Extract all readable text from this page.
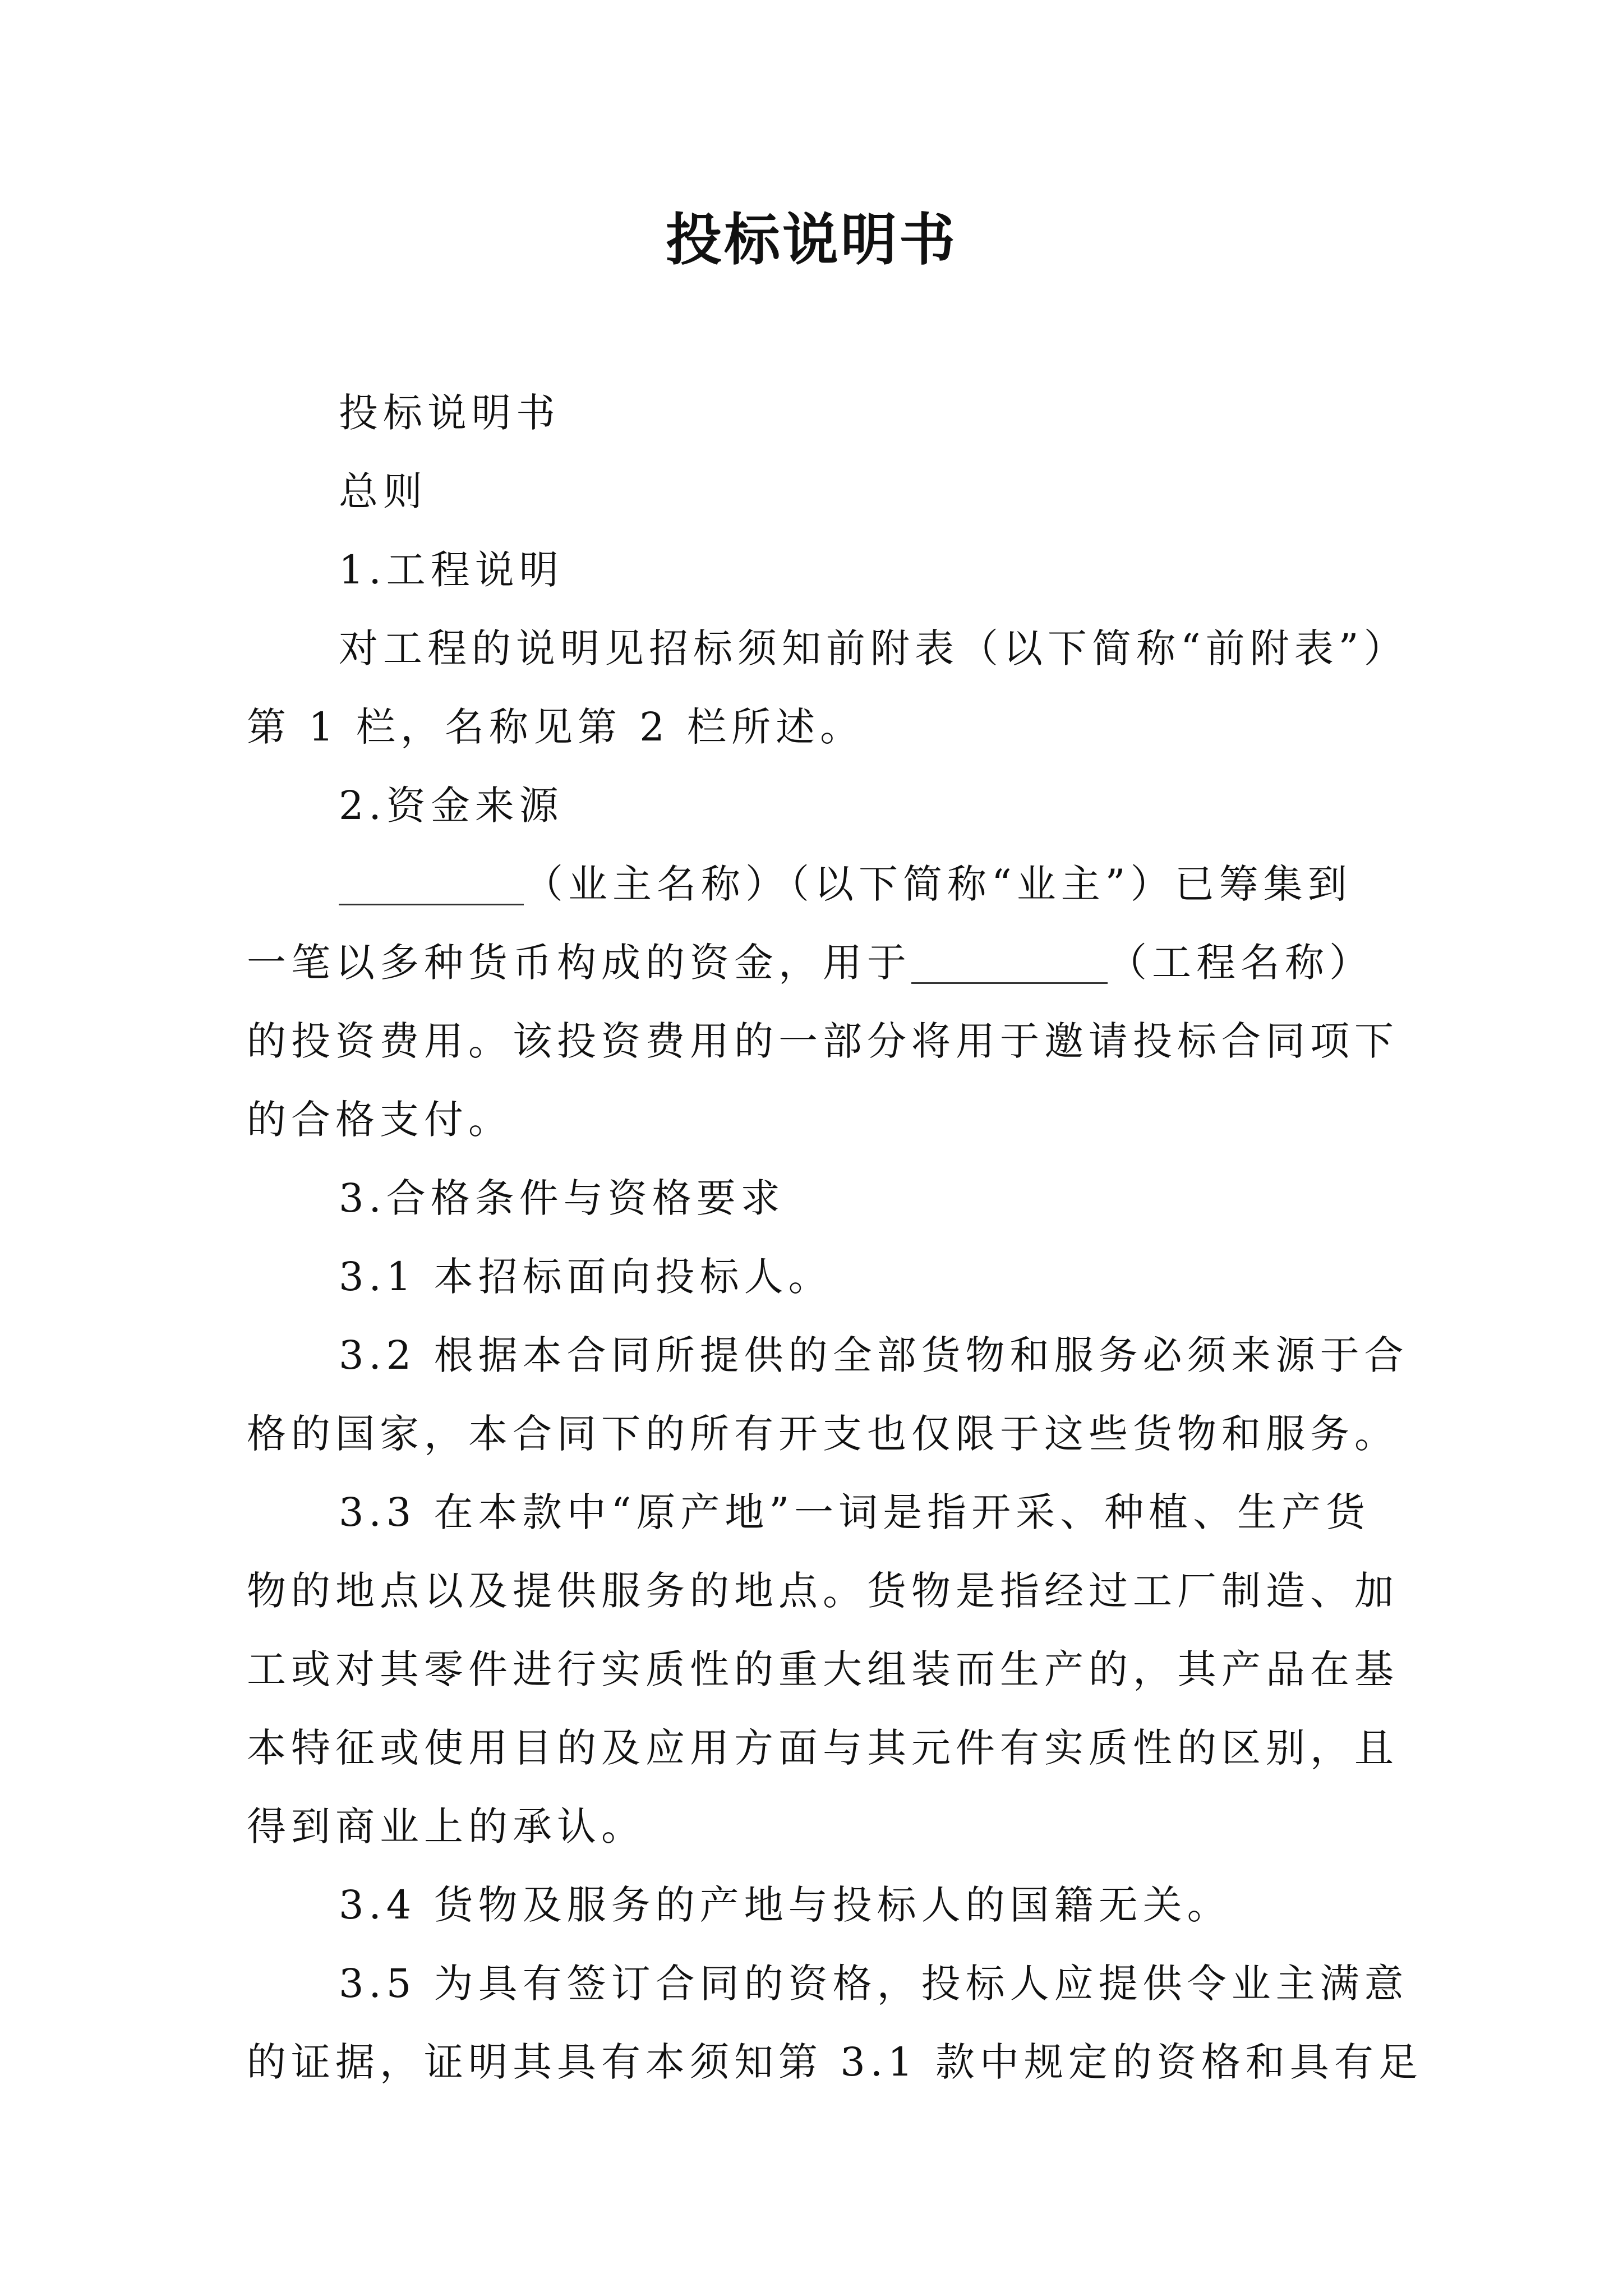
投标说明书
投标说明书
总则
1.工程说明
对工程的说明见招标须知前附表（以下简称“前附表”）
第 1 栏，名称见第 2 栏所述。
2.资金来源
（业主名称）（以下简称“业主”）已筹集到
一笔以多种货币构成的资金，用于	（工程名称）
的投资费用。该投资费用的一部分将用于邀请投标合同项下
的合格支付。
3.合格条件与资格要求
3.1 本招标面向投标人。
3.2 根据本合同所提供的全部货物和服务必须来源于合
格的国家，本合同下的所有开支也仅限于这些货物和服务。
3.3 在本款中“原产地”一词是指开采、种植、生产货
物的地点以及提供服务的地点。货物是指经过工厂制造、加
工或对其零件进行实质性的重大组装而生产的，其产品在基
本特征或使用目的及应用方面与其元件有实质性的区别，且
得到商业上的承认。
3.4 货物及服务的产地与投标人的国籍无关。
3.5 为具有签订合同的资格，投标人应提供令业主满意
的证据，证明其具有本须知第 3.1 款中规定的资格和具有足
